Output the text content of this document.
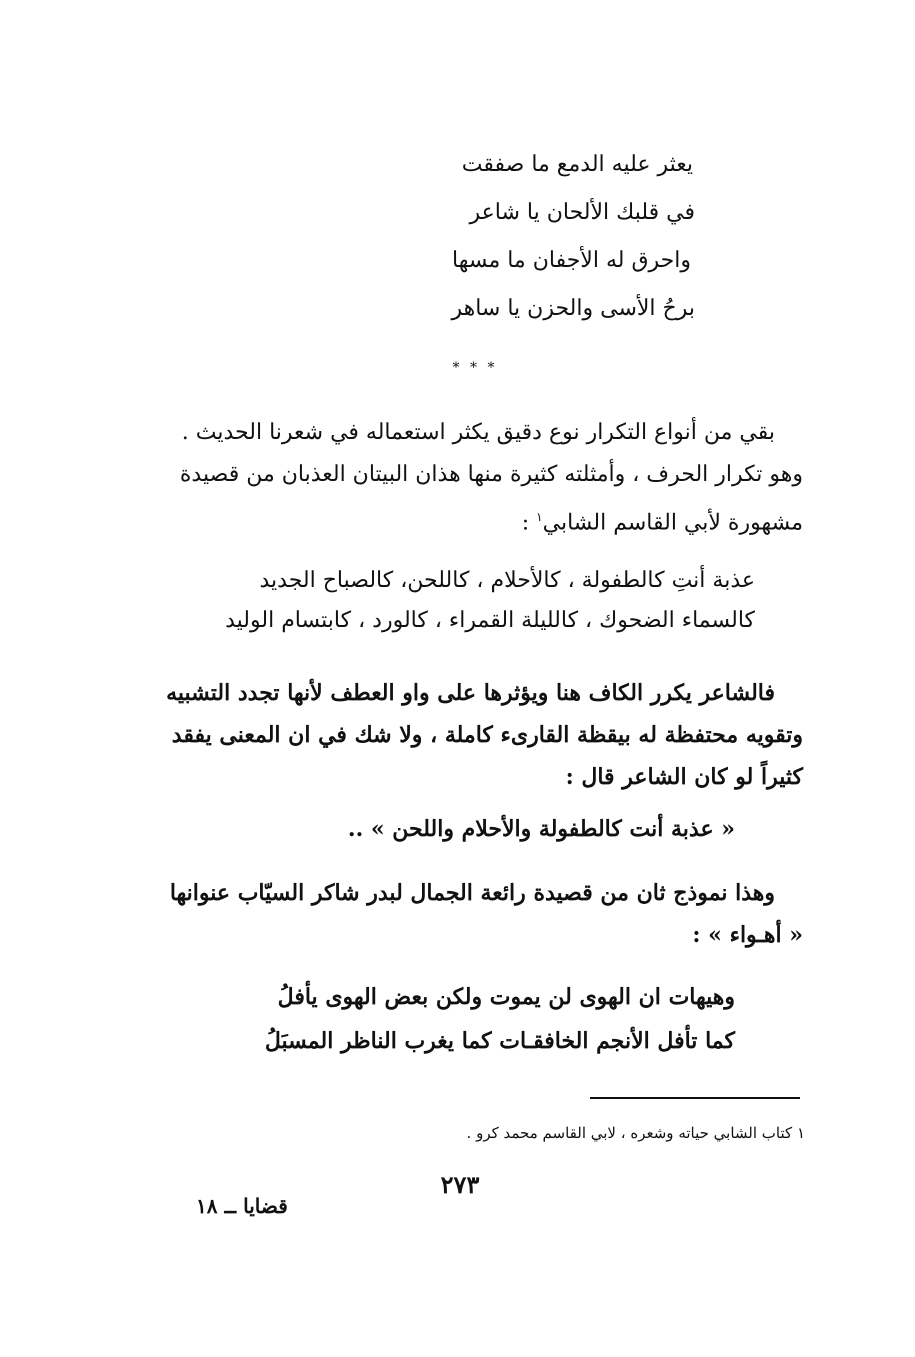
يعثر عليه الدمع ما صفقت
في قلبك الألحان يا شاعر
واحرق له الأجفان ما مسها
برحُ الأسى والحزن يا ساهر
* * *
بقي من أنواع التكرار نوع دقيق يكثر استعماله في شعرنا الحديث .
وهو تكرار الحرف ، وأمثلته كثيرة منها هذان البيتان العذبان من قصيدة
مشهورة لأبي القاسم الشابي$^١$ :
عذبة أنتِ كالطفولة ، كالأحلام ، كاللحن، كالصباح الجديد
كالسماء الضحوك ، كالليلة القمراء ، كالورد ، كابتسام الوليد
فالشاعر يكرر الكاف هنا ويؤثرها على واو العطف لأنها تجدد التشبيه
وتقويه محتفظة له بيقظة القارىء كاملة ، ولا شك في ان المعنى يفقد
كثيراً لو كان الشاعر قال :
« عذبة أنت كالطفولة والأحلام واللحن » ..
وهذا نموذج ثان من قصيدة رائعة الجمال لبدر شاكر السيّاب عنوانها
« أهـواء » :
وهيهات ان الهوى لن يموت ولكن بعض الهوى يأفلُ
كما تأفل الأنجم الخافقـات كما يغرب الناظر المسبَلُ
١ كتاب الشابي حياته وشعره ، لابي القاسم محمد كرو .
٢٧٣
قضايا ــ ١٨
